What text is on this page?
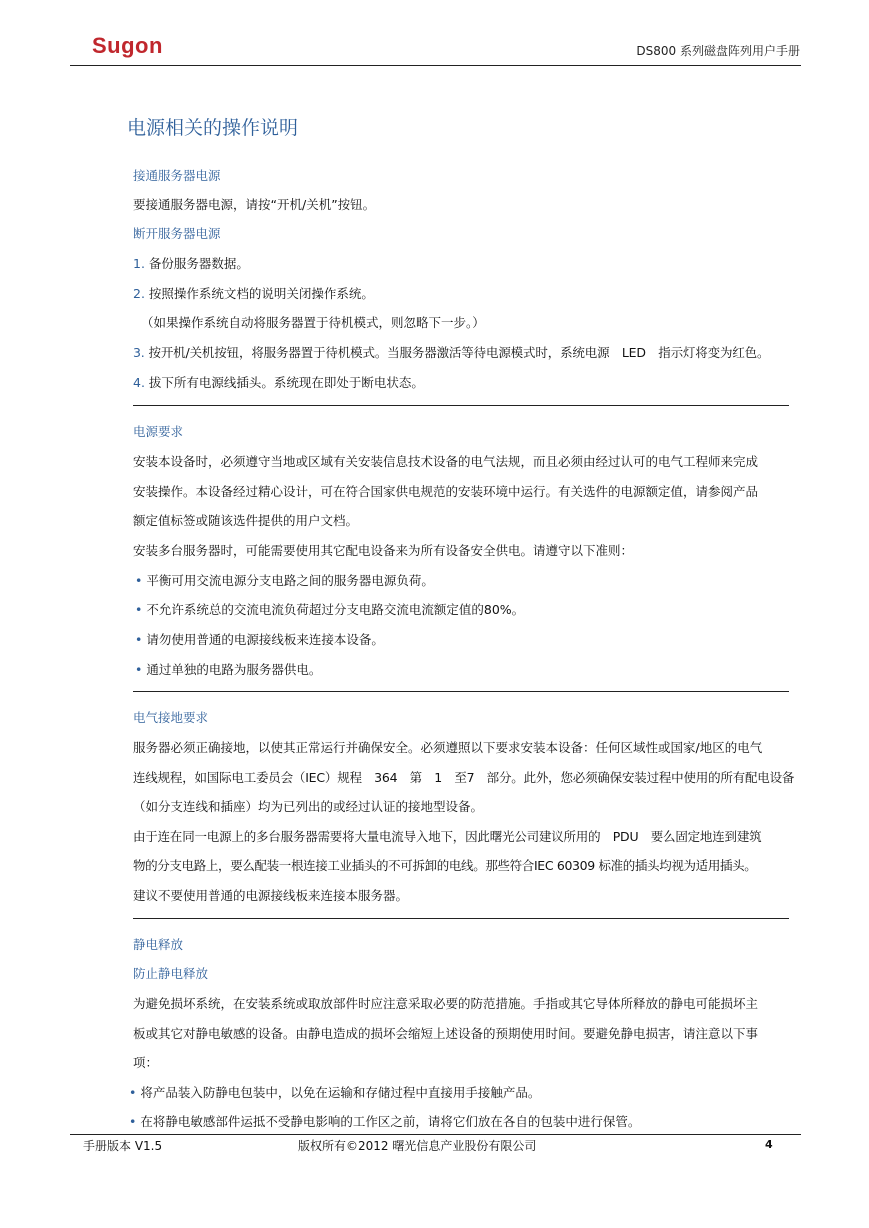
Sugon	DS800 系列磁盘阵列用户手册
电源相关的操作说明
接通服务器电源
要接通服务器电源，请按“开机/关机”按钮。
断开服务器电源
1. 备份服务器数据。
2. 按照操作系统文档的说明关闭操作系统。
（如果操作系统自动将服务器置于待机模式，则忽略下一步。）
3. 按开机/关机按钮，将服务器置于待机模式。当服务器激活等待电源模式时，系统电源　LED　指示灯将变为红色。
4. 拔下所有电源线插头。系统现在即处于断电状态。
电源要求
安装本设备时，必须遵守当地或区域有关安装信息技术设备的电气法规，而且必须由经过认可的电气工程师来完成
安装操作。本设备经过精心设计，可在符合国家供电规范的安装环境中运行。有关选件的电源额定值，请参阅产品
额定值标签或随该选件提供的用户文档。
安装多台服务器时，可能需要使用其它配电设备来为所有设备安全供电。请遵守以下准则：
• 平衡可用交流电源分支电路之间的服务器电源负荷。
• 不允许系统总的交流电流负荷超过分支电路交流电流额定值的80%。
• 请勿使用普通的电源接线板来连接本设备。
• 通过单独的电路为服务器供电。
电气接地要求
服务器必须正确接地，以使其正常运行并确保安全。必须遵照以下要求安装本设备：任何区域性或国家/地区的电气
连线规程，如国际电工委员会（IEC）规程　364　第　1　至7　部分。此外，您必须确保安装过程中使用的所有配电设备
（如分支连线和插座）均为已列出的或经过认证的接地型设备。
由于连在同一电源上的多台服务器需要将大量电流导入地下，因此曙光公司建议所用的　PDU　要么固定地连到建筑
物的分支电路上，要么配装一根连接工业插头的不可拆卸的电线。那些符合IEC 60309 标准的插头均视为适用插头。
建议不要使用普通的电源接线板来连接本服务器。
静电释放
防止静电释放
为避免损坏系统，在安装系统或取放部件时应注意采取必要的防范措施。手指或其它导体所释放的静电可能损坏主
板或其它对静电敏感的设备。由静电造成的损坏会缩短上述设备的预期使用时间。要避免静电损害，请注意以下事
项：
• 将产品装入防静电包装中，以免在运输和存储过程中直接用手接触产品。
• 在将静电敏感部件运抵不受静电影响的工作区之前，请将它们放在各自的包装中进行保管。
手册版本 V1.5	版权所有©2012 曙光信息产业股份有限公司	4
